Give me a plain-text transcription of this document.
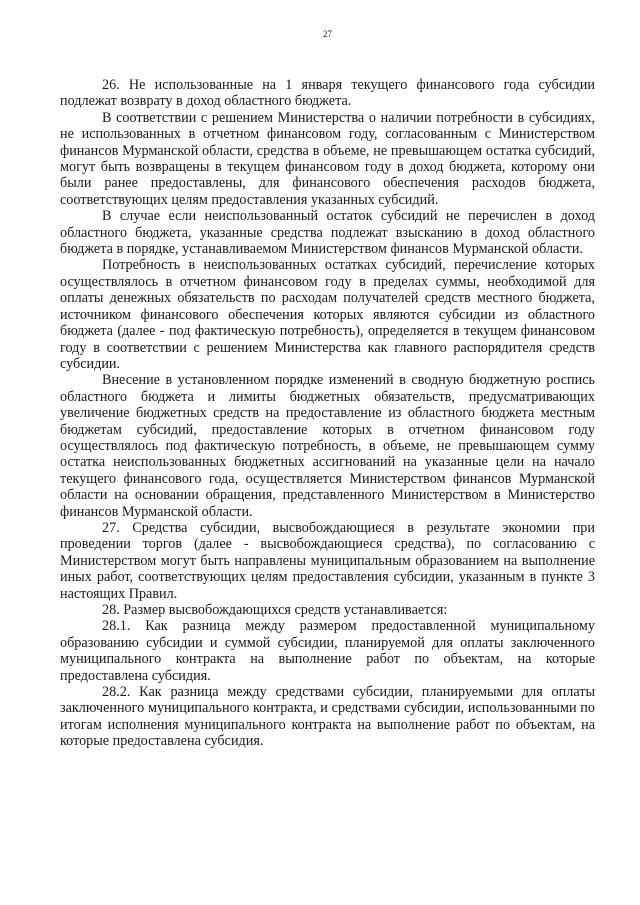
27

26. Не использованные на 1 января текущего финансового года субсидии подлежат возврату в доход областного бюджета.

В соответствии с решением Министерства о наличии потребности в субсидиях, не использованных в отчетном финансовом году, согласованным с Министерством финансов Мурманской области, средства в объеме, не превышающем остатка субсидий, могут быть возвращены в текущем финансовом году в доход бюджета, которому они были ранее предоставлены, для финансового обеспечения расходов бюджета, соответствующих целям предоставления указанных субсидий.

В случае если неиспользованный остаток субсидий не перечислен в доход областного бюджета, указанные средства подлежат взысканию в доход областного бюджета в порядке, устанавливаемом Министерством финансов Мурманской области.

Потребность в неиспользованных остатках субсидий, перечисление которых осуществлялось в отчетном финансовом году в пределах суммы, необходимой для оплаты денежных обязательств по расходам получателей средств местного бюджета, источником финансового обеспечения которых являются субсидии из областного бюджета (далее - под фактическую потребность), определяется в текущем финансовом году в соответствии с решением Министерства как главного распорядителя средств субсидии.

Внесение в установленном порядке изменений в сводную бюджетную роспись областного бюджета и лимиты бюджетных обязательств, предусматривающих увеличение бюджетных средств на предоставление из областного бюджета местным бюджетам субсидий, предоставление которых в отчетном финансовом году осуществлялось под фактическую потребность, в объеме, не превышающем сумму остатка неиспользованных бюджетных ассигнований на указанные цели на начало текущего финансового года, осуществляется Министерством финансов Мурманской области на основании обращения, представленного Министерством в Министерство финансов Мурманской области.

27. Средства субсидии, высвобождающиеся в результате экономии при проведении торгов (далее - высвобождающиеся средства), по согласованию с Министерством могут быть направлены муниципальным образованием на выполнение иных работ, соответствующих целям предоставления субсидии, указанным в пункте 3 настоящих Правил.

28. Размер высвобождающихся средств устанавливается:

28.1. Как разница между размером предоставленной муниципальному образованию субсидии и суммой субсидии, планируемой для оплаты заключенного муниципального контракта на выполнение работ по объектам, на которые предоставлена субсидия.

28.2. Как разница между средствами субсидии, планируемыми для оплаты заключенного муниципального контракта, и средствами субсидии, использованными по итогам исполнения муниципального контракта на выполнение работ по объектам, на которые предоставлена субсидия.
